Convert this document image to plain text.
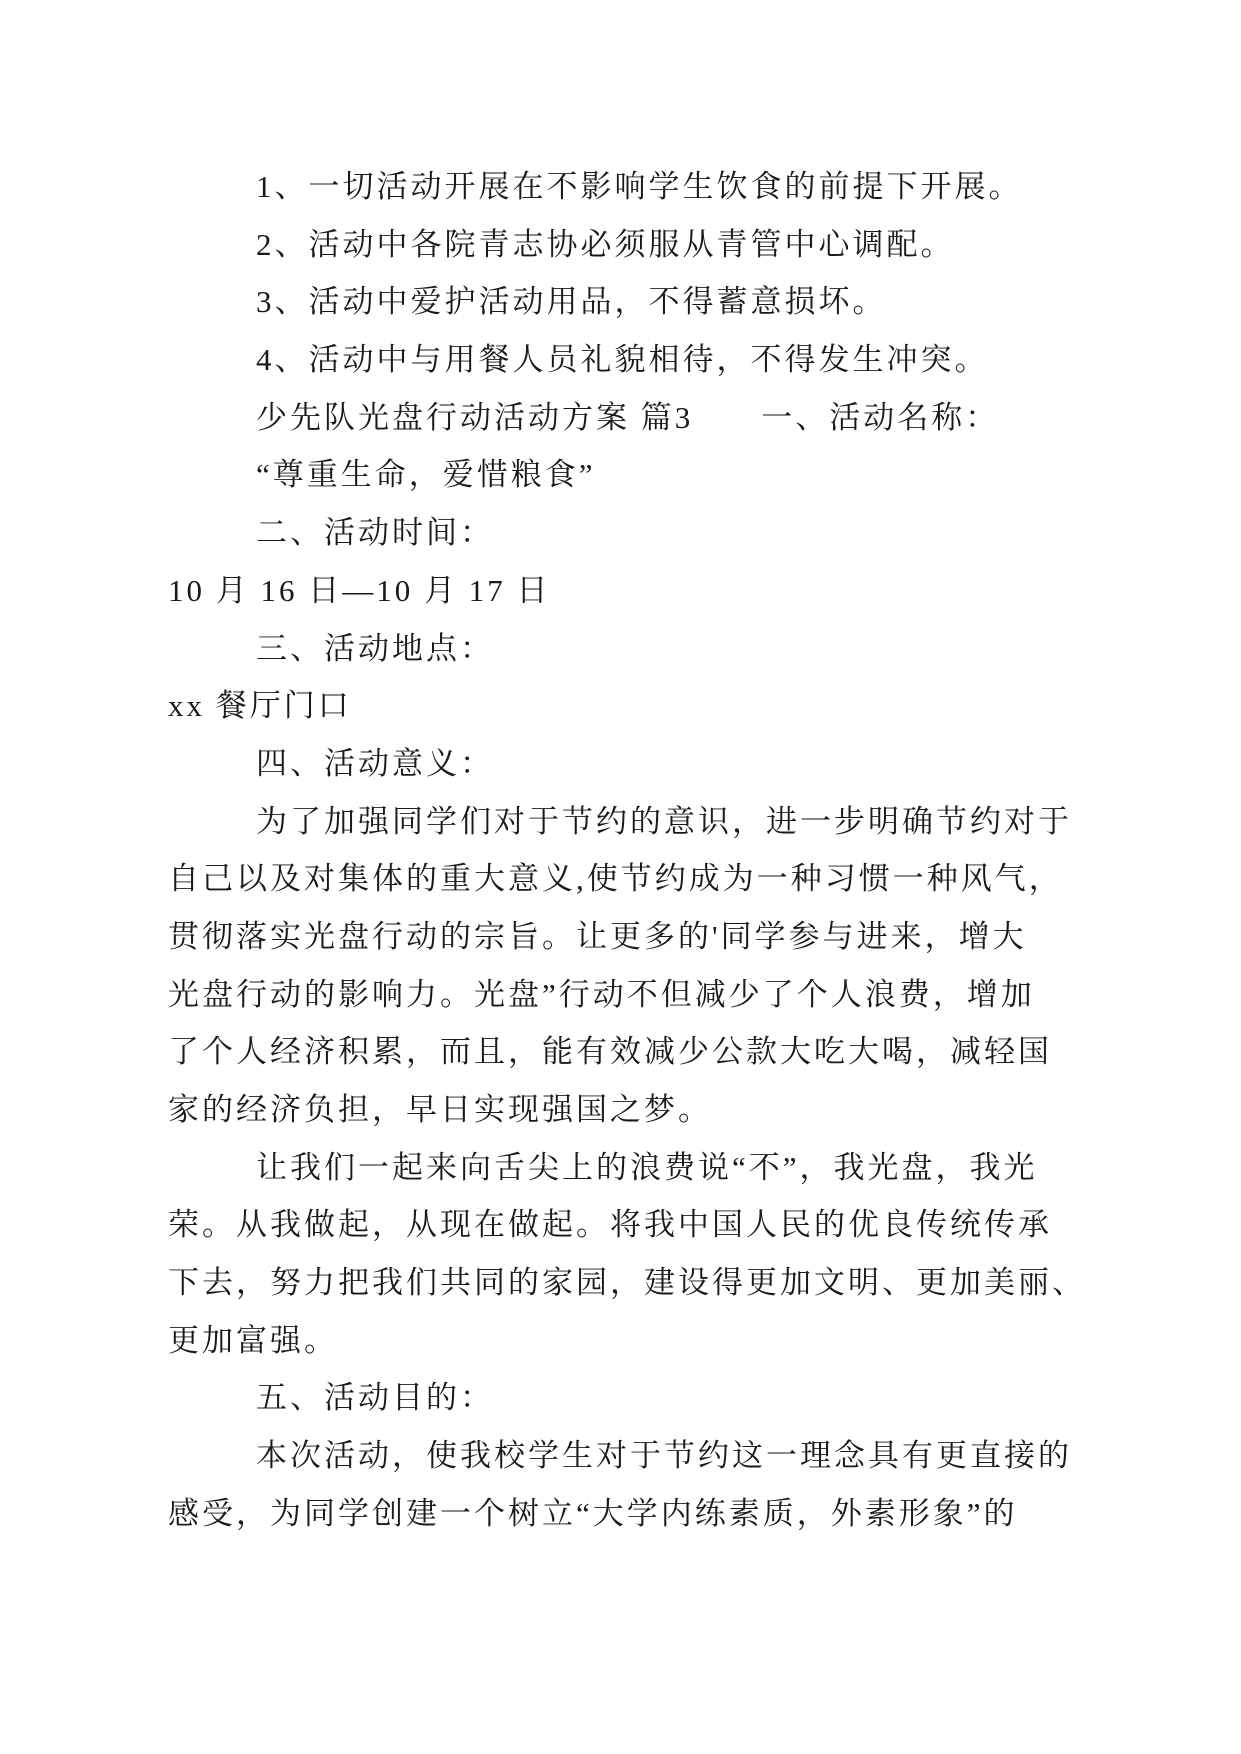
1、一切活动开展在不影响学生饮食的前提下开展。
2、活动中各院青志协必须服从青管中心调配。
3、活动中爱护活动用品，不得蓄意损坏。
4、活动中与用餐人员礼貌相待，不得发生冲突。
少先队光盘行动活动方案 篇3　　一、活动名称：
“尊重生命，爱惜粮食”
二、活动时间：
10 月 16 日—10 月 17 日
三、活动地点：
xx 餐厅门口
四、活动意义：
为了加强同学们对于节约的意识，进一步明确节约对于
自己以及对集体的重大意义,使节约成为一种习惯一种风气，
贯彻落实光盘行动的宗旨。让更多的'同学参与进来，增大
光盘行动的影响力。光盘”行动不但减少了个人浪费，增加
了个人经济积累，而且，能有效减少公款大吃大喝，减轻国
家的经济负担，早日实现强国之梦。
让我们一起来向舌尖上的浪费说“不”，我光盘，我光
荣。从我做起，从现在做起。将我中国人民的优良传统传承
下去，努力把我们共同的家园，建设得更加文明、更加美丽、
更加富强。
五、活动目的：
本次活动，使我校学生对于节约这一理念具有更直接的
感受，为同学创建一个树立“大学内练素质，外素形象”的
